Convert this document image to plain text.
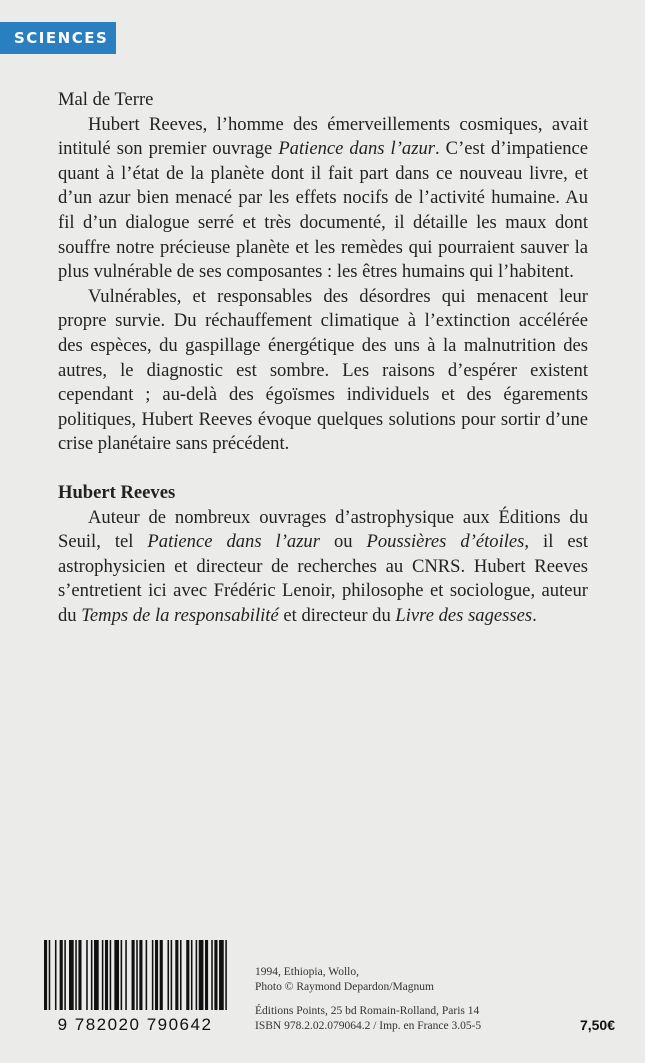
SCIENCES
Mal de Terre

Hubert Reeves, l’homme des émerveillements cosmiques, avait intitulé son premier ouvrage Patience dans l’azur. C’est d’impatience quant à l’état de la planète dont il fait part dans ce nouveau livre, et d’un azur bien menacé par les effets nocifs de l’activité humaine. Au fil d’un dialogue serré et très documenté, il détaille les maux dont souffre notre précieuse planète et les remèdes qui pourraient sauver la plus vulnérable de ses composantes : les êtres humains qui l’habitent.

Vulnérables, et responsables des désordres qui menacent leur propre survie. Du réchauffement climatique à l’extinction accélérée des espèces, du gaspillage énergétique des uns à la malnutrition des autres, le diagnostic est sombre. Les raisons d’espérer existent cependant ; au-delà des égoïsmes individuels et des égarements politiques, Hubert Reeves évoque quelques solutions pour sortir d’une crise planétaire sans précédent.

Hubert Reeves

Auteur de nombreux ouvrages d’astrophysique aux Éditions du Seuil, tel Patience dans l’azur ou Poussières d’étoiles, il est astrophysicien et directeur de recherches au CNRS. Hubert Reeves s’entretient ici avec Frédéric Lenoir, philosophe et sociologue, auteur du Temps de la responsabilité et directeur du Livre des sagesses.

9 782020 790642
1994, Ethiopia, Wollo,
Photo © Raymond Depardon/Magnum
Éditions Points, 25 bd Romain-Rolland, Paris 14
ISBN 978.2.02.079064.2 / Imp. en France 3.05-5	7,50€
